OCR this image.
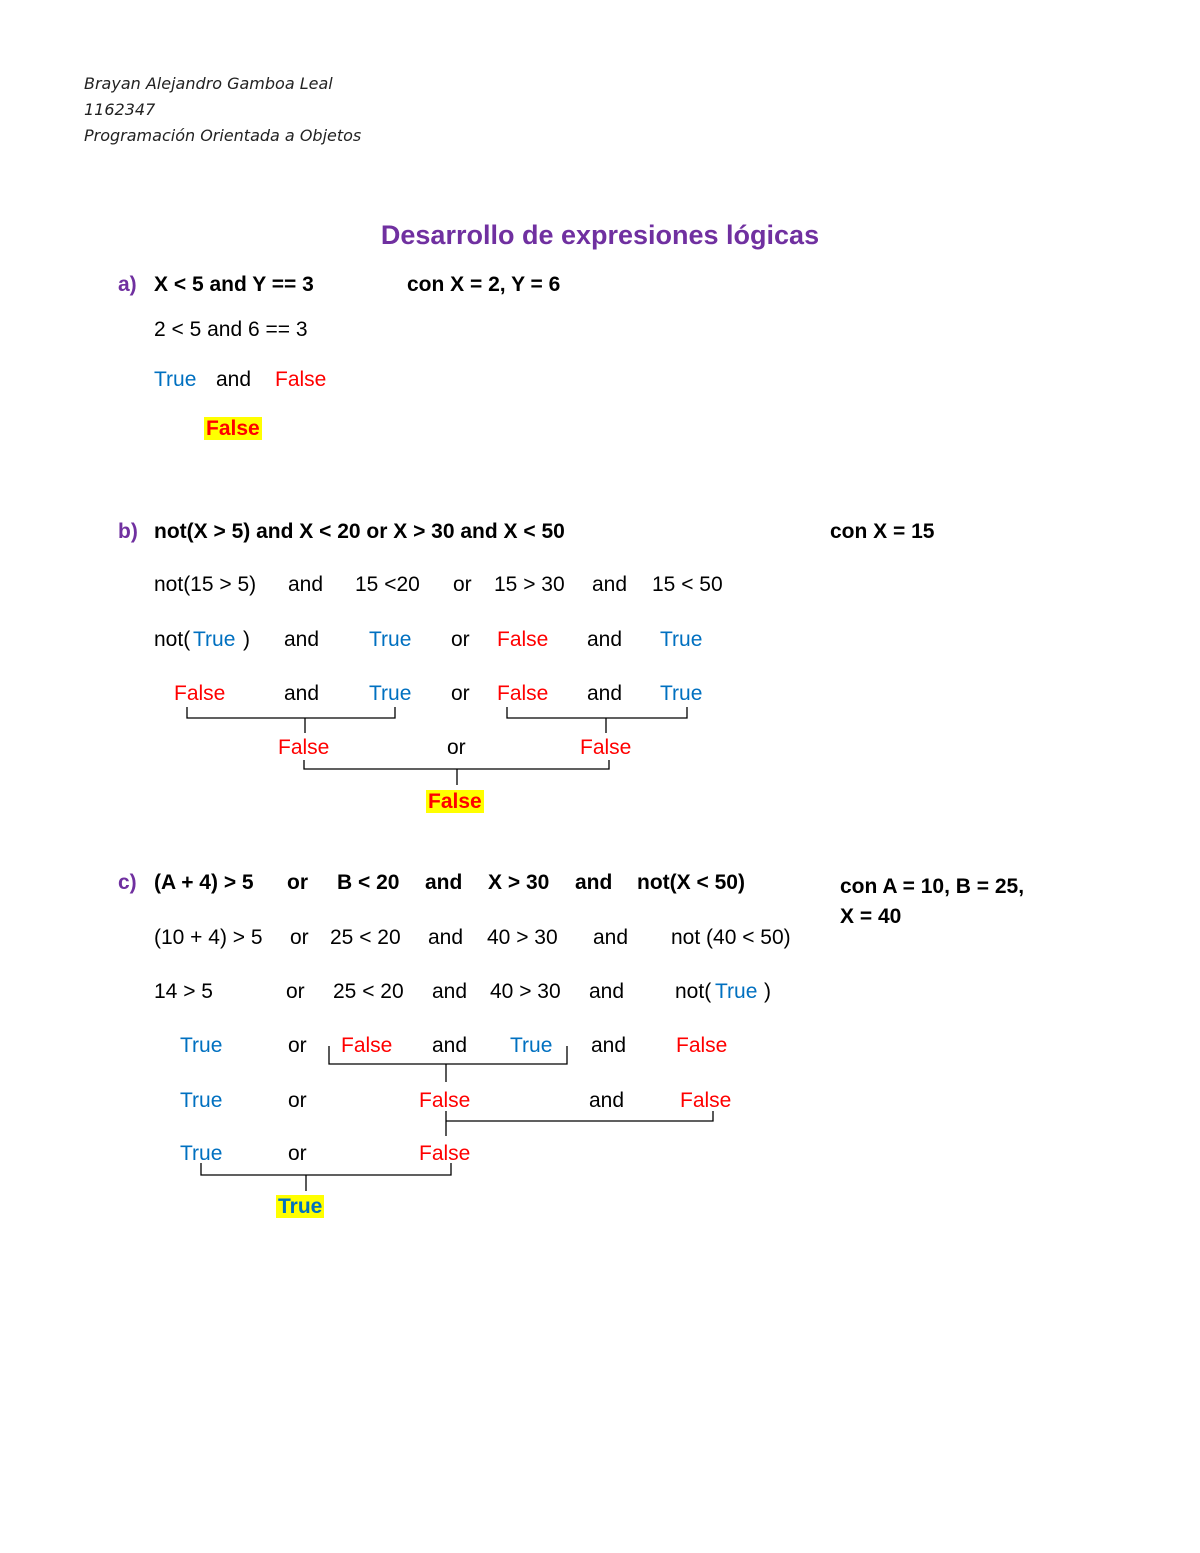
Brayan Alejandro Gamboa Leal
1162347
Programación Orientada a Objetos
Desarrollo de expresiones lógicas
a) X < 5 and Y == 3	con X = 2, Y = 6
2 < 5 and 6 == 3
True and False
False
b) not(X > 5) and X < 20 or X > 30 and X < 50	con X = 15
not(15 > 5) and 15 <20 or 15 > 30 and 15 < 50
not( True ) and True or False and True
False	and True or False and True
False	or	False
False
c) (A + 4) > 5 or B < 20 and X > 30 and not(X < 50)	con A = 10, B = 25,
X = 40
(10 + 4) > 5 or 25 < 20 and 40 > 30 and not (40 < 50)
14 > 5	or 25 < 20 and 40 > 30 and not( True )
True	or False and True and False
True	or	False	and	False
True	or	False
True
